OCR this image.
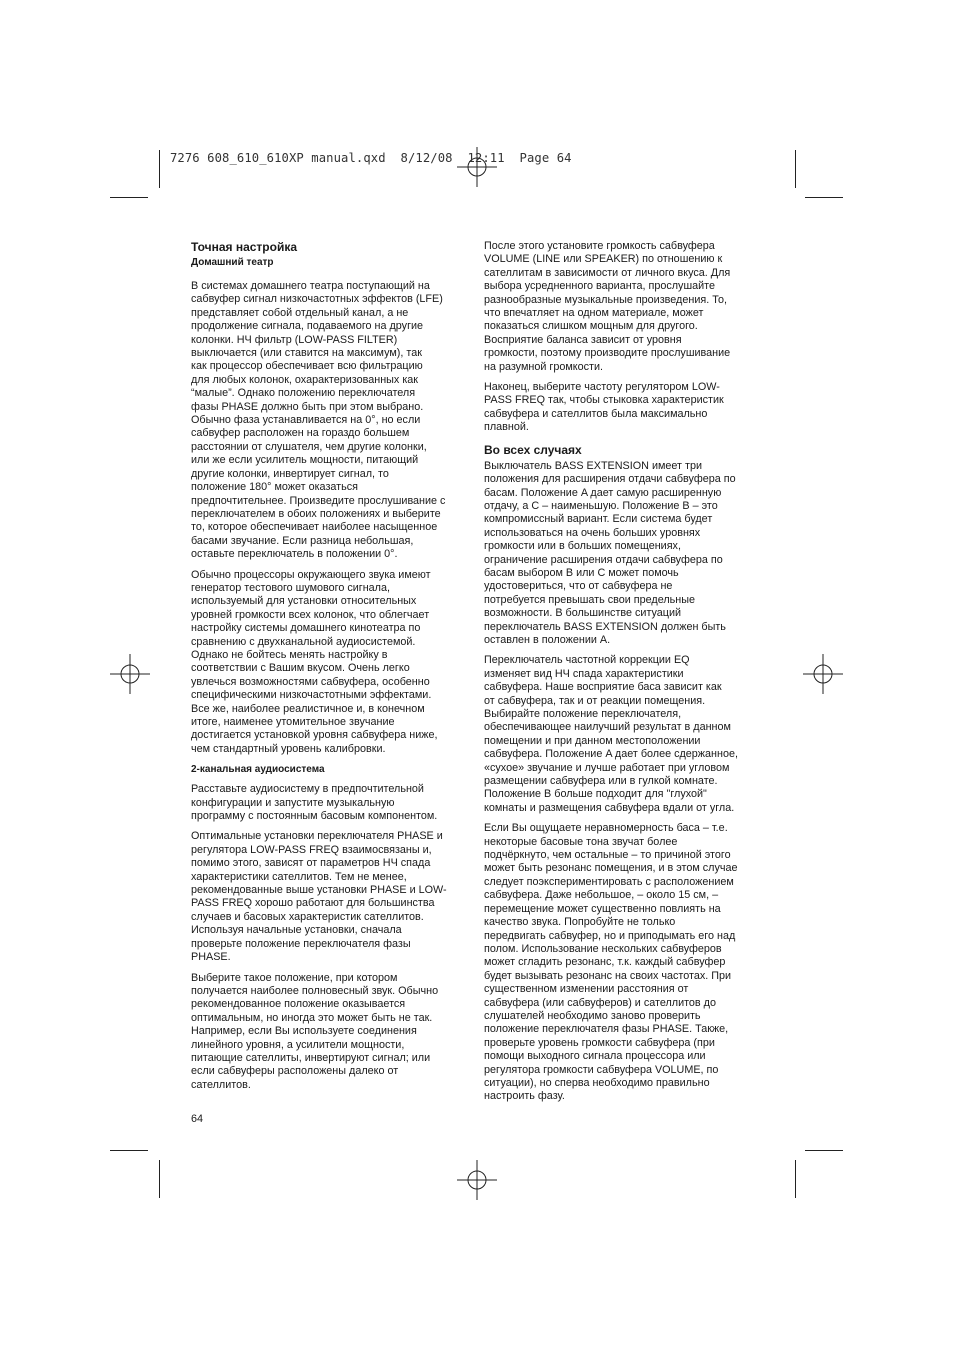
7276 608_610_610XP manual.qxd  8/12/08  12:11  Page 64
Точная настройка
Домашний театр

В системах домашнего театра поступающий на
сабвуфер сигнал низкочастотных эффектов (LFE)
представляет собой отдельный канал, а не
продолжение сигнала, подаваемого на другие
колонки. НЧ фильтр (LOW-PASS FILTER)
выключается (или ставится на максимум), так
как процессор обеспечивает всю фильтрацию
для любых колонок, охарактеризованных как
“малые”. Однако положению переключателя
фазы PHASE должно быть при этом выбрано.
Обычно фаза устанавливается на 0°, но если
сабвуфер расположен на гораздо большем
расстоянии от слушателя, чем другие колонки,
или же если усилитель мощности, питающий
другие колонки, инвертирует сигнал, то
положение 180° может оказаться
предпочтительнее. Произведите прослушивание с
переключателем в обоих положениях и выберите
то, которое обеспечивает наиболее насыщенное
басами звучание. Если разница небольшая,
оставьте переключатель в положении 0°.

Обычно процессоры окружающего звука имеют
генератор тестового шумового сигнала,
используемый для установки относительных
уровней громкости всех колонок, что облегчает
настройку системы домашнего кинотеатра по
сравнению с двухканальной аудиосистемой.
Однако не бойтесь менять настройку в
соответствии с Вашим вкусом. Очень легко
увлечься возможностями сабвуфера, особенно
специфическими низкочастотными эффектами.
Все же, наиболее реалистичное и, в конечном
итоге, наименее утомительное звучание
достигается установкой уровня сабвуфера ниже,
чем стандартный уровень калибровки.

2-канальная аудиосистема

Расставьте аудиосистему в предпочтительной
конфигурации и запустите музыкальную
программу с постоянным басовым компонентом.

Оптимальные установки переключателя PHASE и
регулятора LOW-PASS FREQ взаимосвязаны и,
помимо этого, зависят от параметров НЧ спада
характеристики сателлитов. Тем не менее,
рекомендованные выше установки PHASE и LOW-
PASS FREQ хорошо работают для большинства
случаев и басовых характеристик сателлитов.
Используя начальные установки, сначала
проверьте положение переключателя фазы
PHASE.

Выберите такое положение, при котором
получается наиболее полновесный звук. Обычно
рекомендованное положение оказывается
оптимальным, но иногда это может быть не так.
Например, если Вы используете соединения
линейного уровня, а усилители мощности,
питающие сателлиты, инвертируют сигнал; или
если сабвуферы расположены далеко от
сателлитов.

После этого установите громкость сабвуфера
VOLUME (LINE или SPEAKER) по отношению к
сателлитам в зависимости от личного вкуса. Для
выбора усредненного варианта, прослушайте
разнообразные музыкальные произведения. То,
что впечатляет на одном материале, может
показаться слишком мощным для другого.
Восприятие баланса зависит от уровня
громкости, поэтому производите прослушивание
на разумной громкости.

Наконец, выберите частоту регулятором LOW-
PASS FREQ так, чтобы стыковка характеристик
сабвуфера и сателлитов была максимально
плавной.

Во всех случаях

Выключатель BASS EXTENSION имеет три
положения для расширения отдачи сабвуфера по
басам. Положение A дает самую расширенную
отдачу, а C – наименьшую. Положение B – это
компромиссный вариант. Если система будет
использоваться на очень больших уровнях
громкости или в больших помещениях,
ограничение расширения отдачи сабвуфера по
басам выбором B или C может помочь
удостовериться, что от сабвуфера не
потребуется превышать свои предельные
возможности. В большинстве ситуаций
переключатель BASS EXTENSION должен быть
оставлен в положении A.

Переключатель частотной коррекции EQ
изменяет вид НЧ спада характеристики
сабвуфера. Наше восприятие баса зависит как
от сабвуфера, так и от реакции помещения.
Выбирайте положение переключателя,
обеспечивающее наилучший результат в данном
помещении и при данном местоположении
сабвуфера. Положение A дает более сдержанное,
«сухое» звучание и лучше работает при угловом
размещении сабвуфера или в гулкой комнате.
Положение B больше подходит для "глухой"
комнаты и размещения сабвуфера вдали от угла.

Если Вы ощущаете неравномерность баса – т.е.
некоторые басовые тона звучат более
подчёркнуто, чем остальные – то причиной этого
может быть резонанс помещения, и в этом случае
следует поэкспериментировать с расположением
сабвуфера. Даже небольшое, – около 15 см, –
перемещение может существенно повлиять на
качество звука. Попробуйте не только
передвигать сабвуфер, но и приподымать его над
полом. Использование нескольких сабвуферов
может сгладить резонанс, т.к. каждый сабвуфер
будет вызывать резонанс на своих частотах. При
существенном изменении расстояния от
сабвуфера (или сабвуферов) и сателлитов до
слушателей необходимо заново проверить
положение переключателя фазы PHASE. Также,
проверьте уровень громкости сабвуфера (при
помощи выходного сигнала процессора или
регулятора громкости сабвуфера VOLUME, по
ситуации), но сперва необходимо правильно
настроить фазу.

64
